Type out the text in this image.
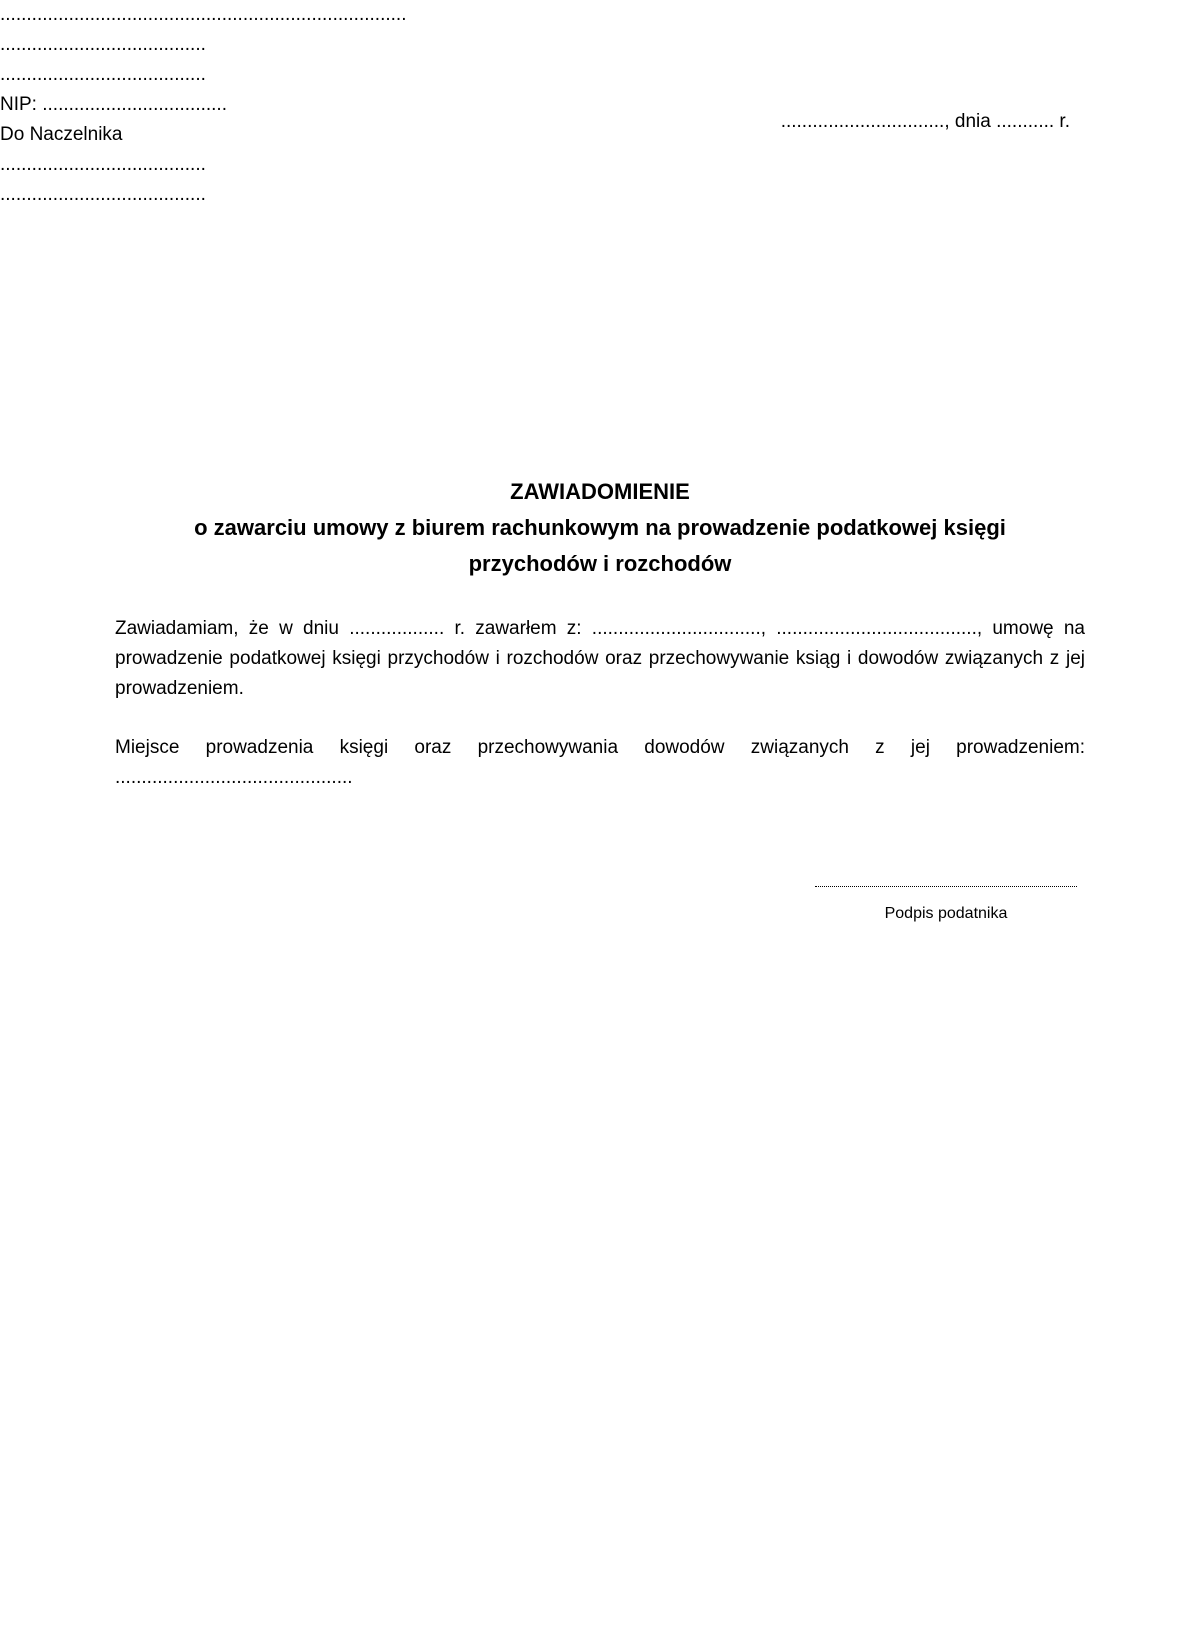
..............................., dnia ........... r.
.............................................................................
.......................................
.......................................
NIP: ...................................
Do Naczelnika
.......................................
.......................................
ZAWIADOMIENIE
o zawarciu umowy z biurem rachunkowym na prowadzenie podatkowej księgi
przychodów i rozchodów
Zawiadamiam, że w dniu .................. r. zawarłem z: ................................, ......................................, umowę na prowadzenie podatkowej księgi przychodów i rozchodów oraz przechowywanie ksiąg i dowodów związanych z jej prowadzeniem.
Miejsce prowadzenia księgi oraz przechowywania dowodów związanych z jej prowadzeniem: .............................................
Podpis podatnika
